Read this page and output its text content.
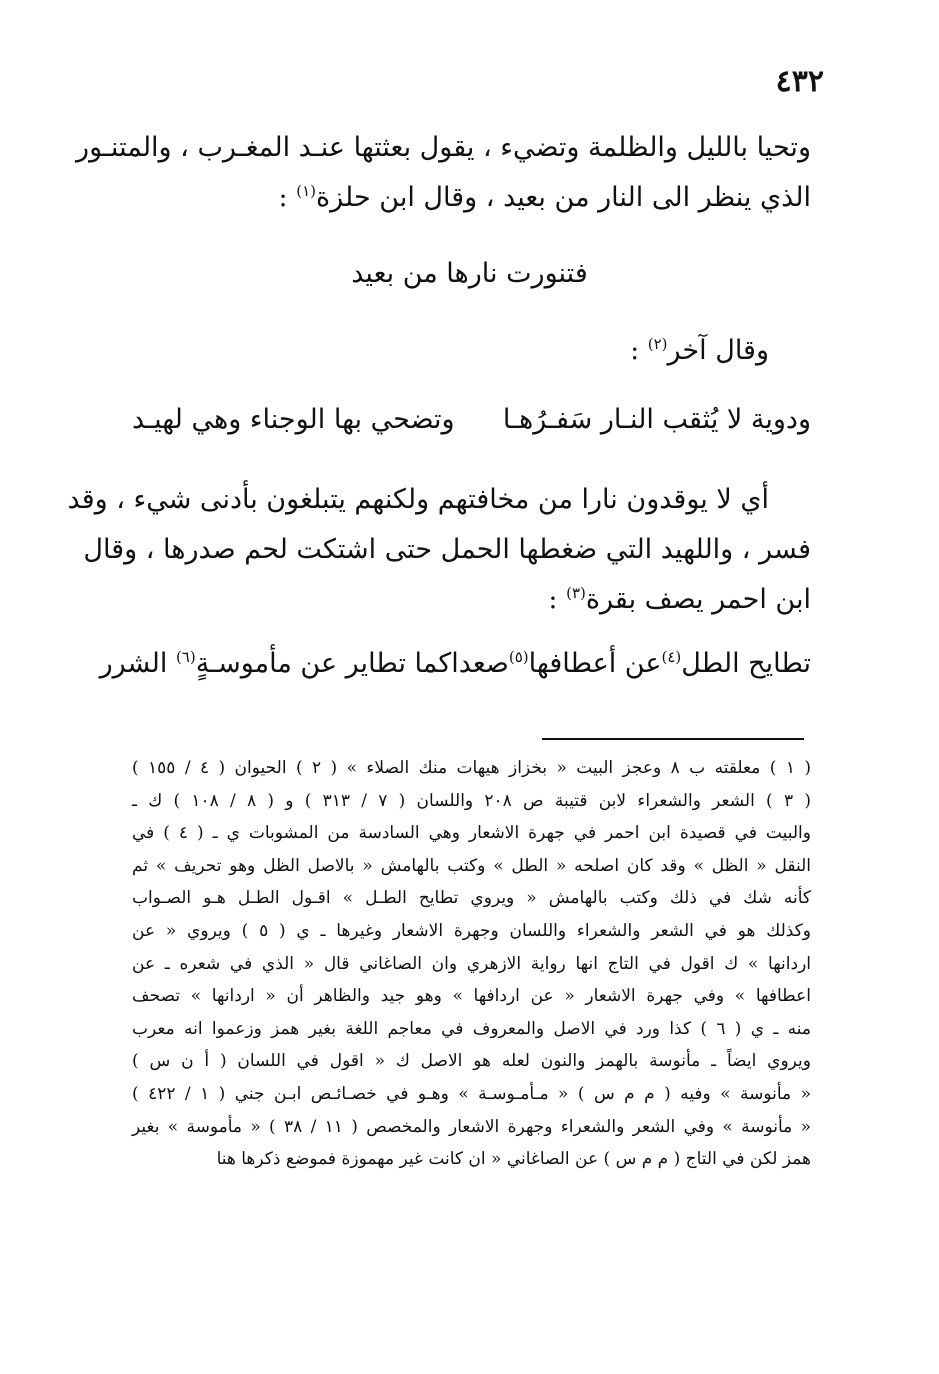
٤٣٢
وتحيا بالليل والظلمة وتضيء ، يقول بعثتها عنـد المغـرب ، والمتنـور
الذي ينظر الى النار من بعيد ، وقال ابن حلزة$^{(١)}$ :
فتنورت نارها من بعيد
وقال آخر$^{(٢)}$ :
ودوية لا يُثقب النـار سَفـرُهـا
وتضحي بها الوجناء وهي لهيـد
أي لا يوقدون نارا من مخافتهم ولكنهم يتبلغون بأدنى شيء ، وقد
فسر ، واللهيد التي ضغطها الحمل حتى اشتكت لحم صدرها ، وقال
ابن احمر يصف بقرة$^{(٣)}$ :
تطايح الطل$^{(٤)}$عن أعطافها$^{(٥)}$صعدا
كما تطاير عن مأموسـةٍ$^{(٦)}$ الشرر
( ١ ) معلقته ب ٨ وعجز البيت « بخزاز هيهات منك الصلاء » ( ٢ ) الحيوان ( ٤ / ١٥٥ )
( ٣ ) الشعر والشعراء لابن قتيبة ص ٢٠٨ واللسان ( ٧ / ٣١٣ ) و ( ٨ / ١٠٨ ) ك ـ
والبيت في قصيدة ابن احمر في جهرة الاشعار وهي السادسة من المشوبات ي ـ ( ٤ ) في
النقل « الظل » وقد كان اصلحه « الطل » وكتب بالهامش « بالاصل الظل وهو تحريف » ثم
كأنه شك في ذلك وكتب بالهامش « ويروي تطايح الطـل » اقـول الطـل هـو الصـواب
وكذلك هو في الشعر والشعراء واللسان وجهرة الاشعار وغيرها ـ ي ( ٥ ) ويروي « عن
اردانها » ك اقول في التاج انها رواية الازهري وان الصاغاني قال « الذي في شعره ـ عن
اعطافها » وفي جهرة الاشعار « عن اردافها » وهو جيد والظاهر أن « اردانها » تصحف
منه ـ ي ( ٦ ) كذا ورد في الاصل والمعروف في معاجم اللغة بغير همز وزعموا انه معرب
ويروي ايضاً ـ مأنوسة بالهمز والنون لعله هو الاصل ك « اقول في اللسان ( أ ن س )
« مأنوسة » وفيه ( م م س ) « مـأمـوسـة » وهـو في خصـائـص ابـن جني ( ١ / ٤٢٢ )
« مأنوسة » وفي الشعر والشعراء وجهرة الاشعار والمخصص ( ١١ / ٣٨ ) « مأموسة » بغير
همز لكن في التاج ( م م س ) عن الصاغاني « ان كانت غير مهموزة فموضع ذكرها هنا
